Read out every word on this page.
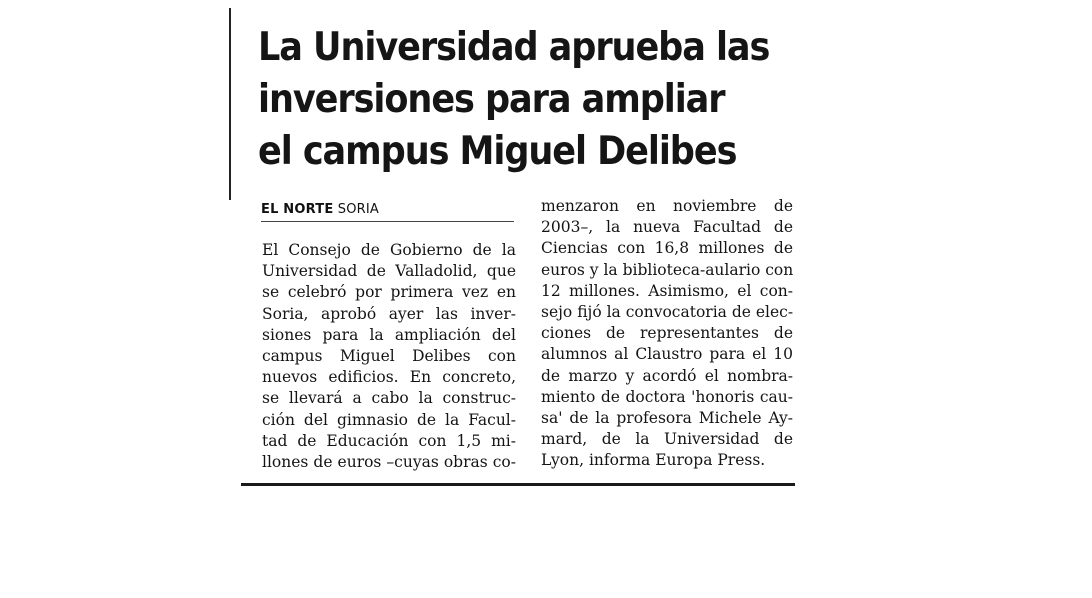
La Universidad aprueba las
inversiones para ampliar
el campus Miguel Delibes
EL NORTE SORIA
El Consejo de Gobierno de la
Universidad de Valladolid, que
se celebró por primera vez en
Soria, aprobó ayer las inver-
siones para la ampliación del
campus Miguel Delibes con
nuevos edificios. En concreto,
se llevará a cabo la construc-
ción del gimnasio de la Facul-
tad de Educación con 1,5 mi-
llones de euros –cuyas obras co-
menzaron en noviembre de
2003–, la nueva Facultad de
Ciencias con 16,8 millones de
euros y la biblioteca-aulario con
12 millones. Asimismo, el con-
sejo fijó la convocatoria de elec-
ciones de representantes de
alumnos al Claustro para el 10
de marzo y acordó el nombra-
miento de doctora 'honoris cau-
sa' de la profesora Michele Ay-
mard, de la Universidad de
Lyon, informa Europa Press.
